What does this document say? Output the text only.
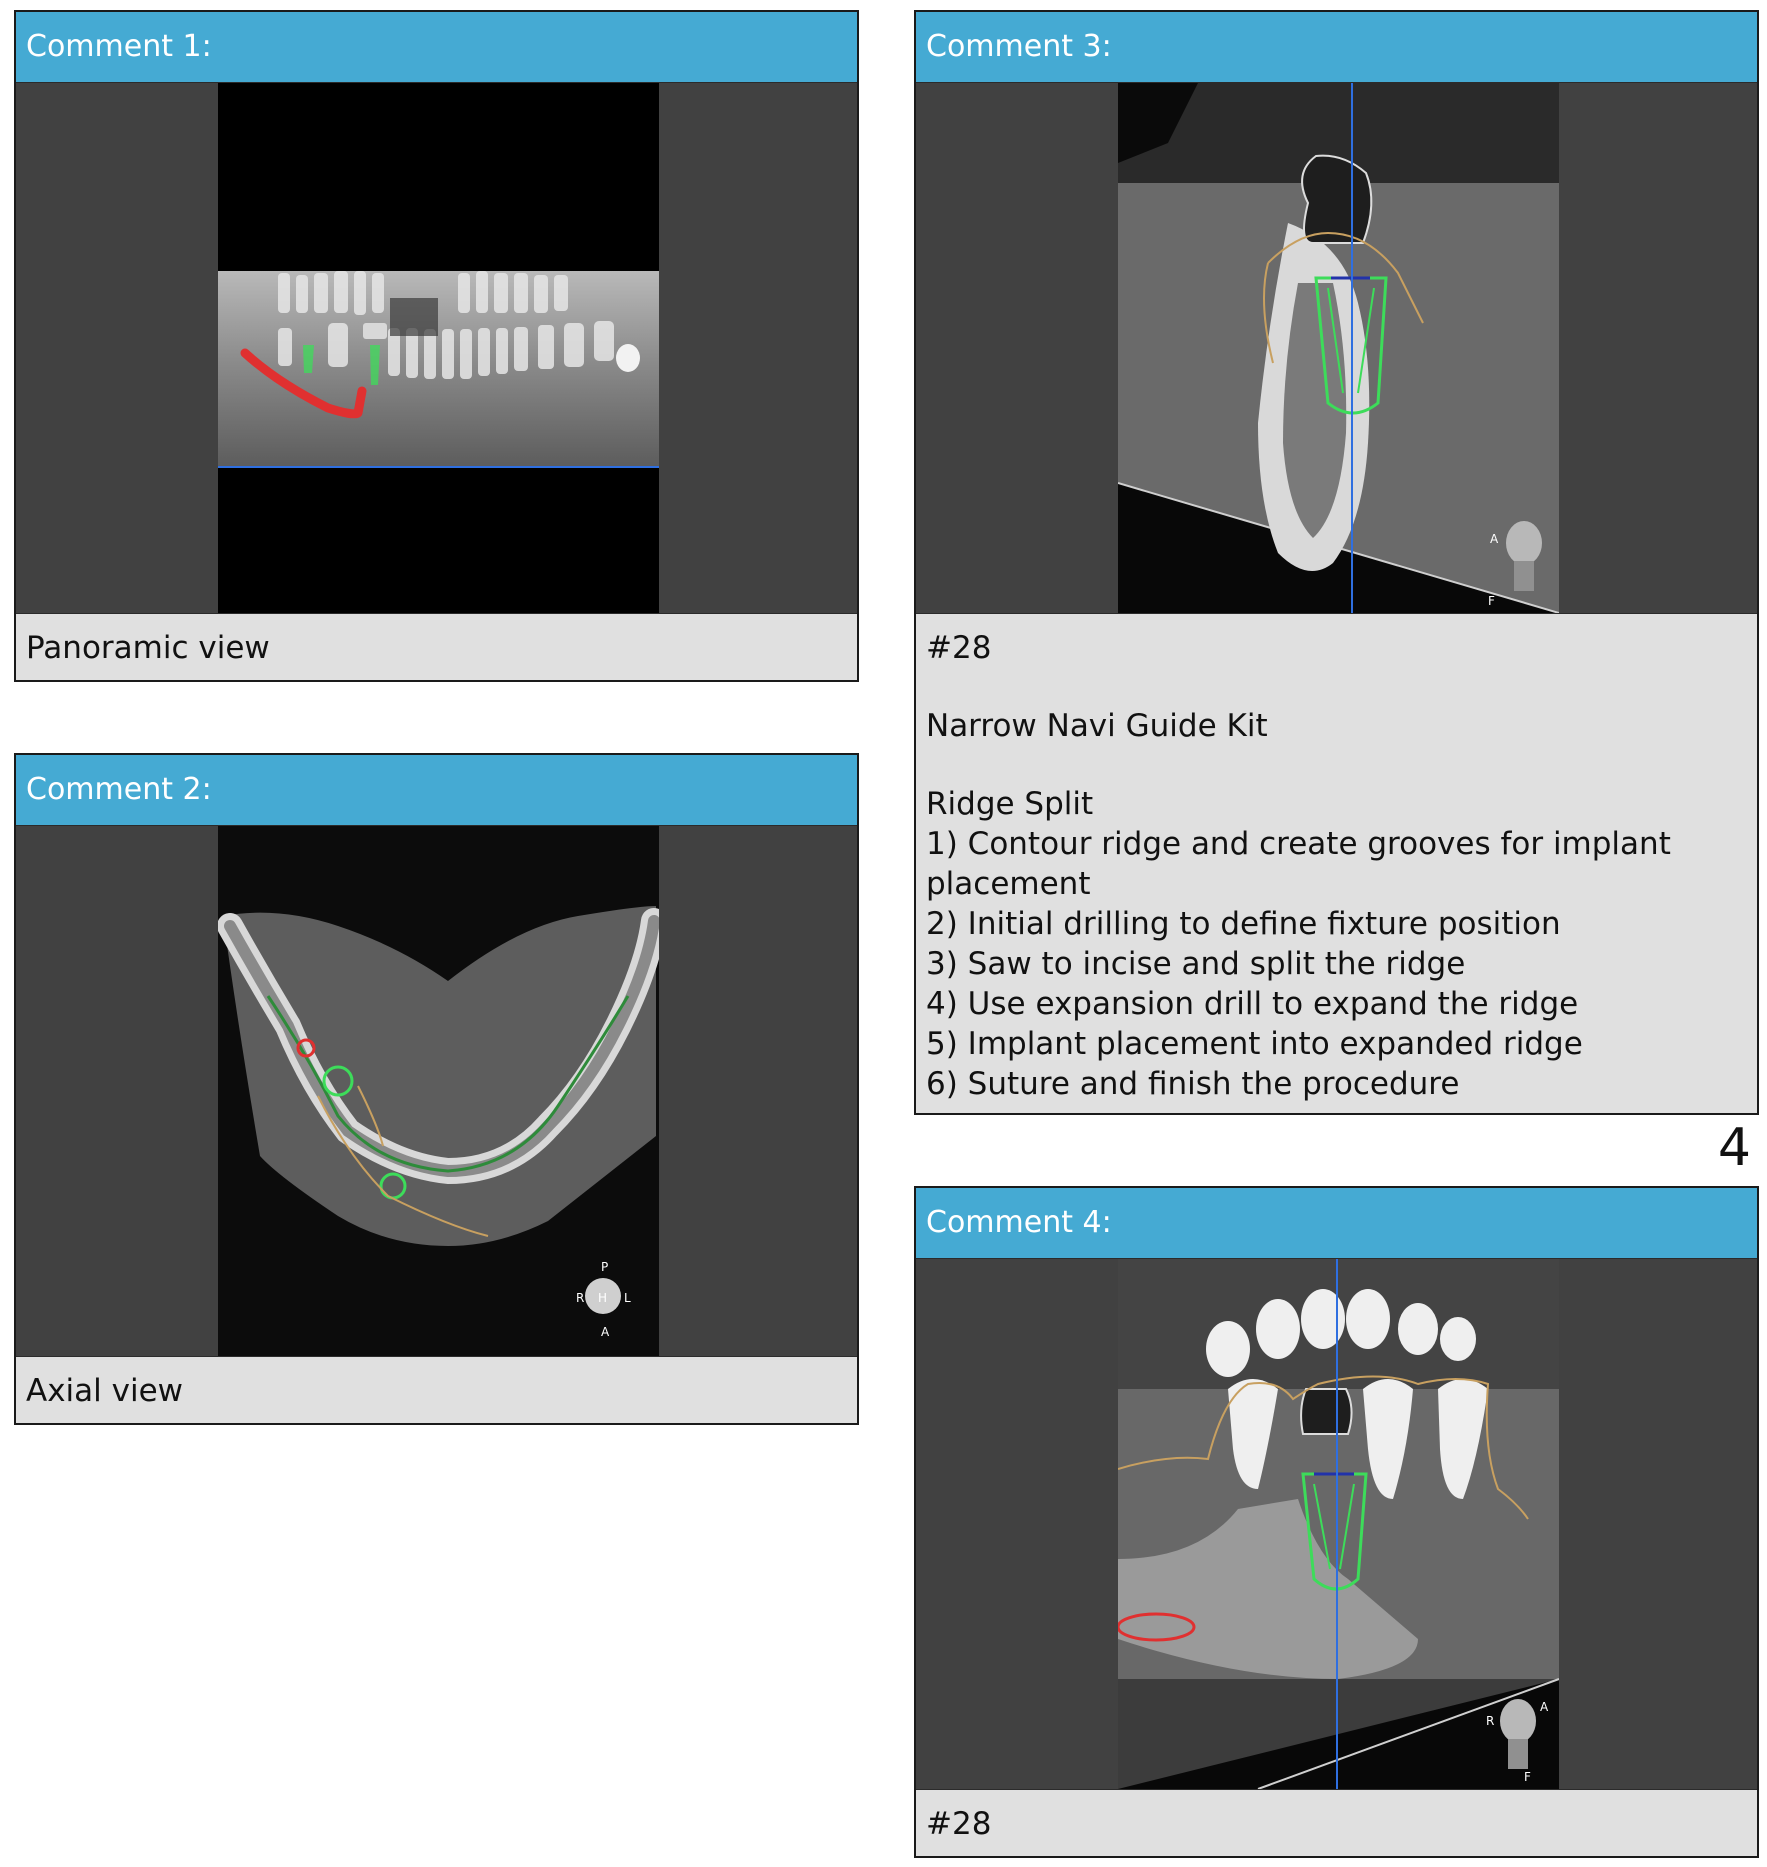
Comment 1:
Panoramic view
Comment 2:
P
H
R	L
A
Axial view
Comment 3:
A
F
#28
Narrow Navi Guide Kit
Ridge Split
1) Contour ridge and create grooves for implant placement
2) Initial drilling to define fixture position
3) Saw to incise and split the ridge
4) Use expansion drill to expand the ridge
5) Implant placement into expanded ridge
6) Suture and finish the procedure
4
Comment 4:
R
A
F
#28
